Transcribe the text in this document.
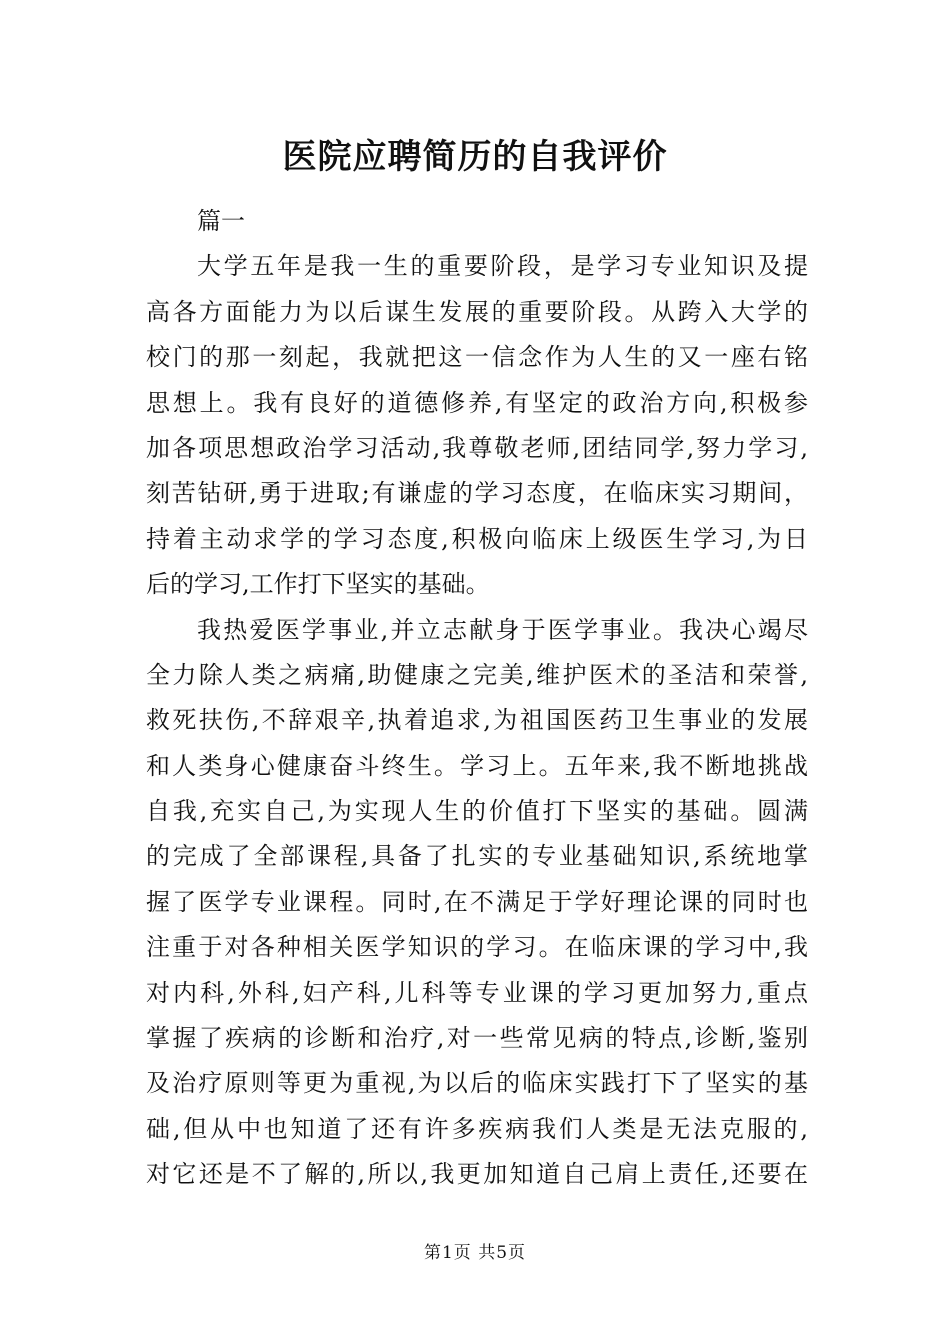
医院应聘简历的自我评价
篇一
大学五年是我一生的重要阶段，是学习专业知识及提
高各方面能力为以后谋生发展的重要阶段。从跨入大学的
校门的那一刻起，我就把这一信念作为人生的又一座右铭
思想上。我有良好的道德修养,有坚定的政治方向,积极参
加各项思想政治学习活动,我尊敬老师,团结同学,努力学习,
刻苦钻研,勇于进取;有谦虚的学习态度，在临床实习期间，
持着主动求学的学习态度,积极向临床上级医生学习,为日
后的学习,工作打下坚实的基础。
我热爱医学事业,并立志献身于医学事业。我决心竭尽
全力除人类之病痛,助健康之完美,维护医术的圣洁和荣誉,
救死扶伤,不辞艰辛,执着追求,为祖国医药卫生事业的发展
和人类身心健康奋斗终生。学习上。五年来,我不断地挑战
自我,充实自己,为实现人生的价值打下坚实的基础。圆满
的完成了全部课程,具备了扎实的专业基础知识,系统地掌
握了医学专业课程。同时,在不满足于学好理论课的同时也
注重于对各种相关医学知识的学习。在临床课的学习中,我
对内科,外科,妇产科,儿科等专业课的学习更加努力,重点
掌握了疾病的诊断和治疗,对一些常见病的特点,诊断,鉴别
及治疗原则等更为重视,为以后的临床实践打下了坚实的基
础,但从中也知道了还有许多疾病我们人类是无法克服的,
对它还是不了解的,所以,我更加知道自己肩上责任,还要在
第1页 共5页
